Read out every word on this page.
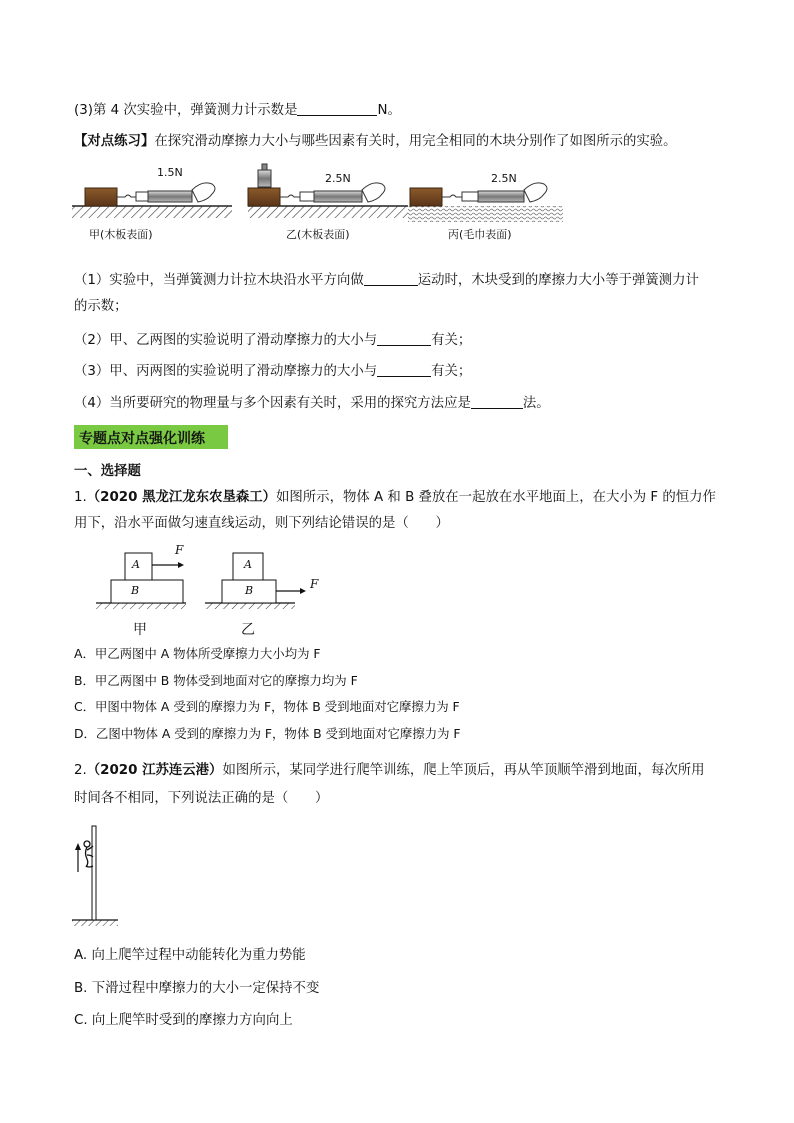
(3)第 4 次实验中，弹簧测力计示数是	N。
【对点练习】在探究滑动摩擦力大小与哪些因素有关时，用完全相同的木块分别作了如图所示的实验。
1.5N	2.5N	2.5N
甲(木板表面)	乙(木板表面)	丙(毛巾表面)
（1）实验中，当弹簧测力计拉木块沿水平方向做	运动时，木块受到的摩擦力大小等于弹簧测力计
的示数；
（2）甲、乙两图的实验说明了滑动摩擦力的大小与	有关；
（3）甲、丙两图的实验说明了滑动摩擦力的大小与	有关；
（4）当所要研究的物理量与多个因素有关时，采用的探究方法应是	法。
专题点对点强化训练
一、选择题
1.（2020 黑龙江龙东农垦森工）如图所示，物体 A 和 B 叠放在一起放在水平地面上，在大小为 F 的恒力作
用下，沿水平面做匀速直线运动，则下列结论错误的是（　　）
A
B
F
A
B	F
甲	乙
A．甲乙两图中 A 物体所受摩擦力大小均为 F
B．甲乙两图中 B 物体受到地面对它的摩擦力均为 F
C．甲图中物体 A 受到的摩擦力为 F，物体 B 受到地面对它摩擦力为 F
D．乙图中物体 A 受到的摩擦力为 F，物体 B 受到地面对它摩擦力为 F
2.（2020 江苏连云港）如图所示，某同学进行爬竿训练，爬上竿顶后，再从竿顶顺竿滑到地面，每次所用
时间各不相同，下列说法正确的是（　　）
A. 向上爬竿过程中动能转化为重力势能
B. 下滑过程中摩擦力的大小一定保持不变
C. 向上爬竿时受到的摩擦力方向向上
